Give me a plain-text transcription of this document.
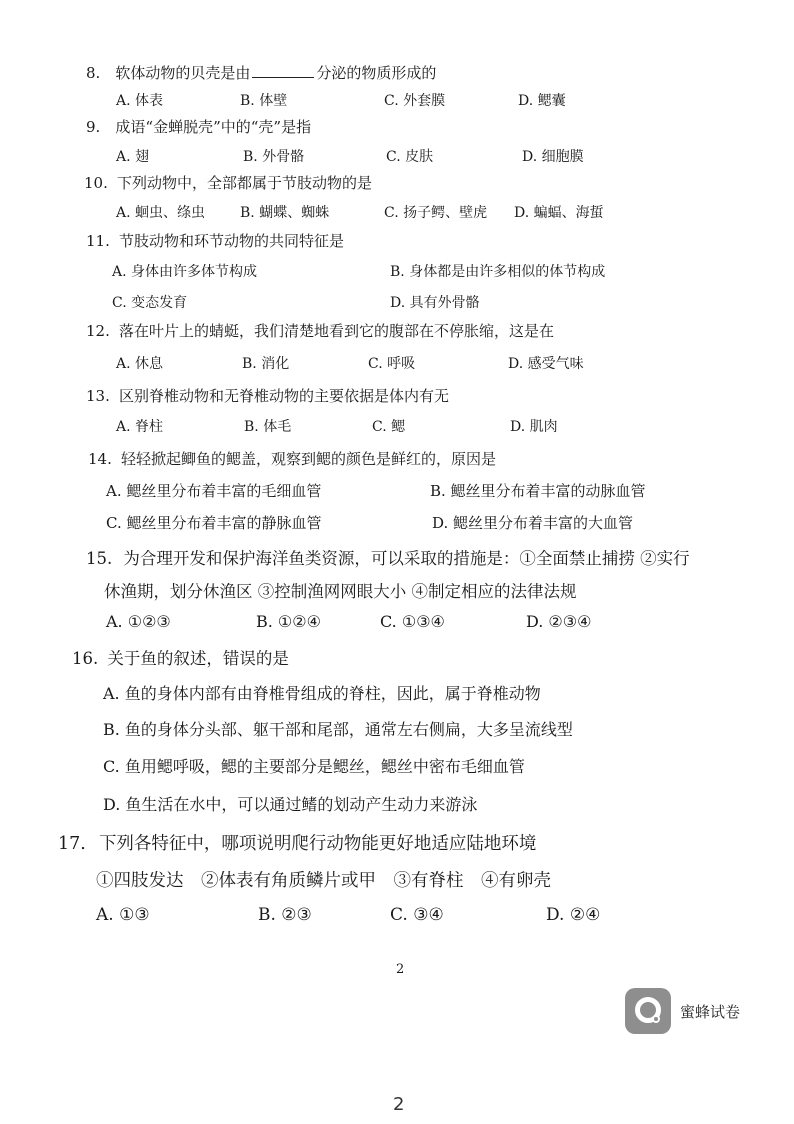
8. 软体动物的贝壳是由	分泌的物质形成的
A. 体表	B. 体壁	C. 外套膜	D. 鳃囊
9. 成语“金蝉脱壳”中的“壳”是指
A. 翅	B. 外骨骼	C. 皮肤	D. 细胞膜
10. 下列动物中，全部都属于节肢动物的是
A. 蛔虫、绦虫 B. 蝴蝶、蜘蛛	C. 扬子鳄、壁虎 D. 蝙蝠、海蜇
11. 节肢动物和环节动物的共同特征是
A. 身体由许多体节构成	B. 身体都是由许多相似的体节构成
C. 变态发育	D. 具有外骨骼
12. 落在叶片上的蜻蜓，我们清楚地看到它的腹部在不停胀缩，这是在
A. 休息	B. 消化	C. 呼吸	D. 感受气味
13. 区别脊椎动物和无脊椎动物的主要依据是体内有无
A. 脊柱	B. 体毛	C. 鳃	D. 肌肉
14. 轻轻掀起鲫鱼的鳃盖，观察到鳃的颜色是鲜红的，原因是
A. 鳃丝里分布着丰富的毛细血管	B. 鳃丝里分布着丰富的动脉血管
C. 鳃丝里分布着丰富的静脉血管	D. 鳃丝里分布着丰富的大血管
15. 为合理开发和保护海洋鱼类资源，可以采取的措施是：①全面禁止捕捞 ②实行
休渔期，划分休渔区 ③控制渔网网眼大小 ④制定相应的法律法规
A. ①②③	B. ①②④	C. ①③④	D. ②③④
16. 关于鱼的叙述，错误的是
A. 鱼的身体内部有由脊椎骨组成的脊柱，因此，属于脊椎动物
B. 鱼的身体分头部、躯干部和尾部，通常左右侧扁，大多呈流线型
C. 鱼用鳃呼吸，鳃的主要部分是鳃丝，鳃丝中密布毛细血管
D. 鱼生活在水中，可以通过鳍的划动产生动力来游泳
17. 下列各特征中，哪项说明爬行动物能更好地适应陆地环境
①四肢发达　②体表有角质鳞片或甲　③有脊柱　④有卵壳
A. ①③	B. ②③	C. ③④	D. ②④
2
蜜蜂试卷
2
